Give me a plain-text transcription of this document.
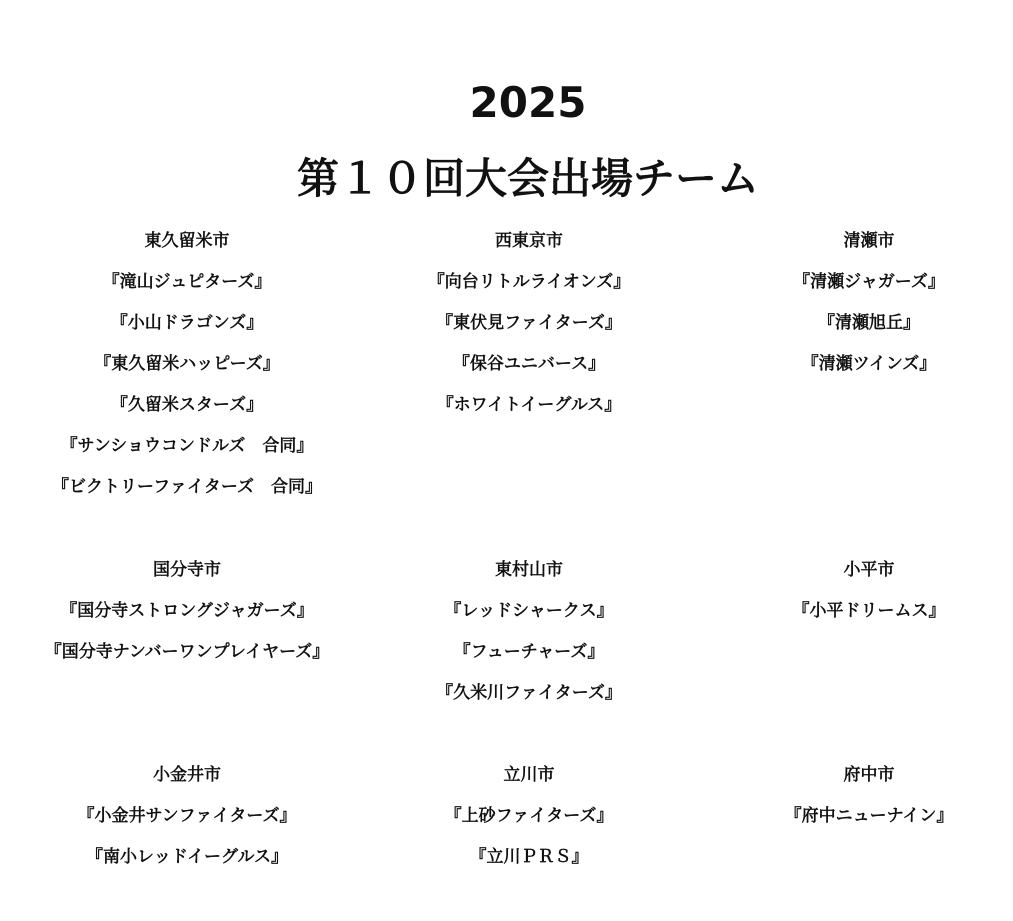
2025
第１０回大会出場チーム
東久留米市
『滝山ジュピターズ』
『小山ドラゴンズ』
『東久留米ハッピーズ』
『久留米スターズ』
『サンショウコンドルズ　合同』
『ビクトリーファイターズ　合同』
西東京市
『向台リトルライオンズ』
『東伏見ファイターズ』
『保谷ユニバース』
『ホワイトイーグルス』
清瀬市
『清瀬ジャガーズ』
『清瀬旭丘』
『清瀬ツインズ』
国分寺市
『国分寺ストロングジャガーズ』
『国分寺ナンバーワンプレイヤーズ』
東村山市
『レッドシャークス』
『フューチャーズ』
『久米川ファイターズ』
小平市
『小平ドリームス』
小金井市
『小金井サンファイターズ』
『南小レッドイーグルス』
立川市
『上砂ファイターズ』
『立川ＰＲＳ』
府中市
『府中ニューナイン』
